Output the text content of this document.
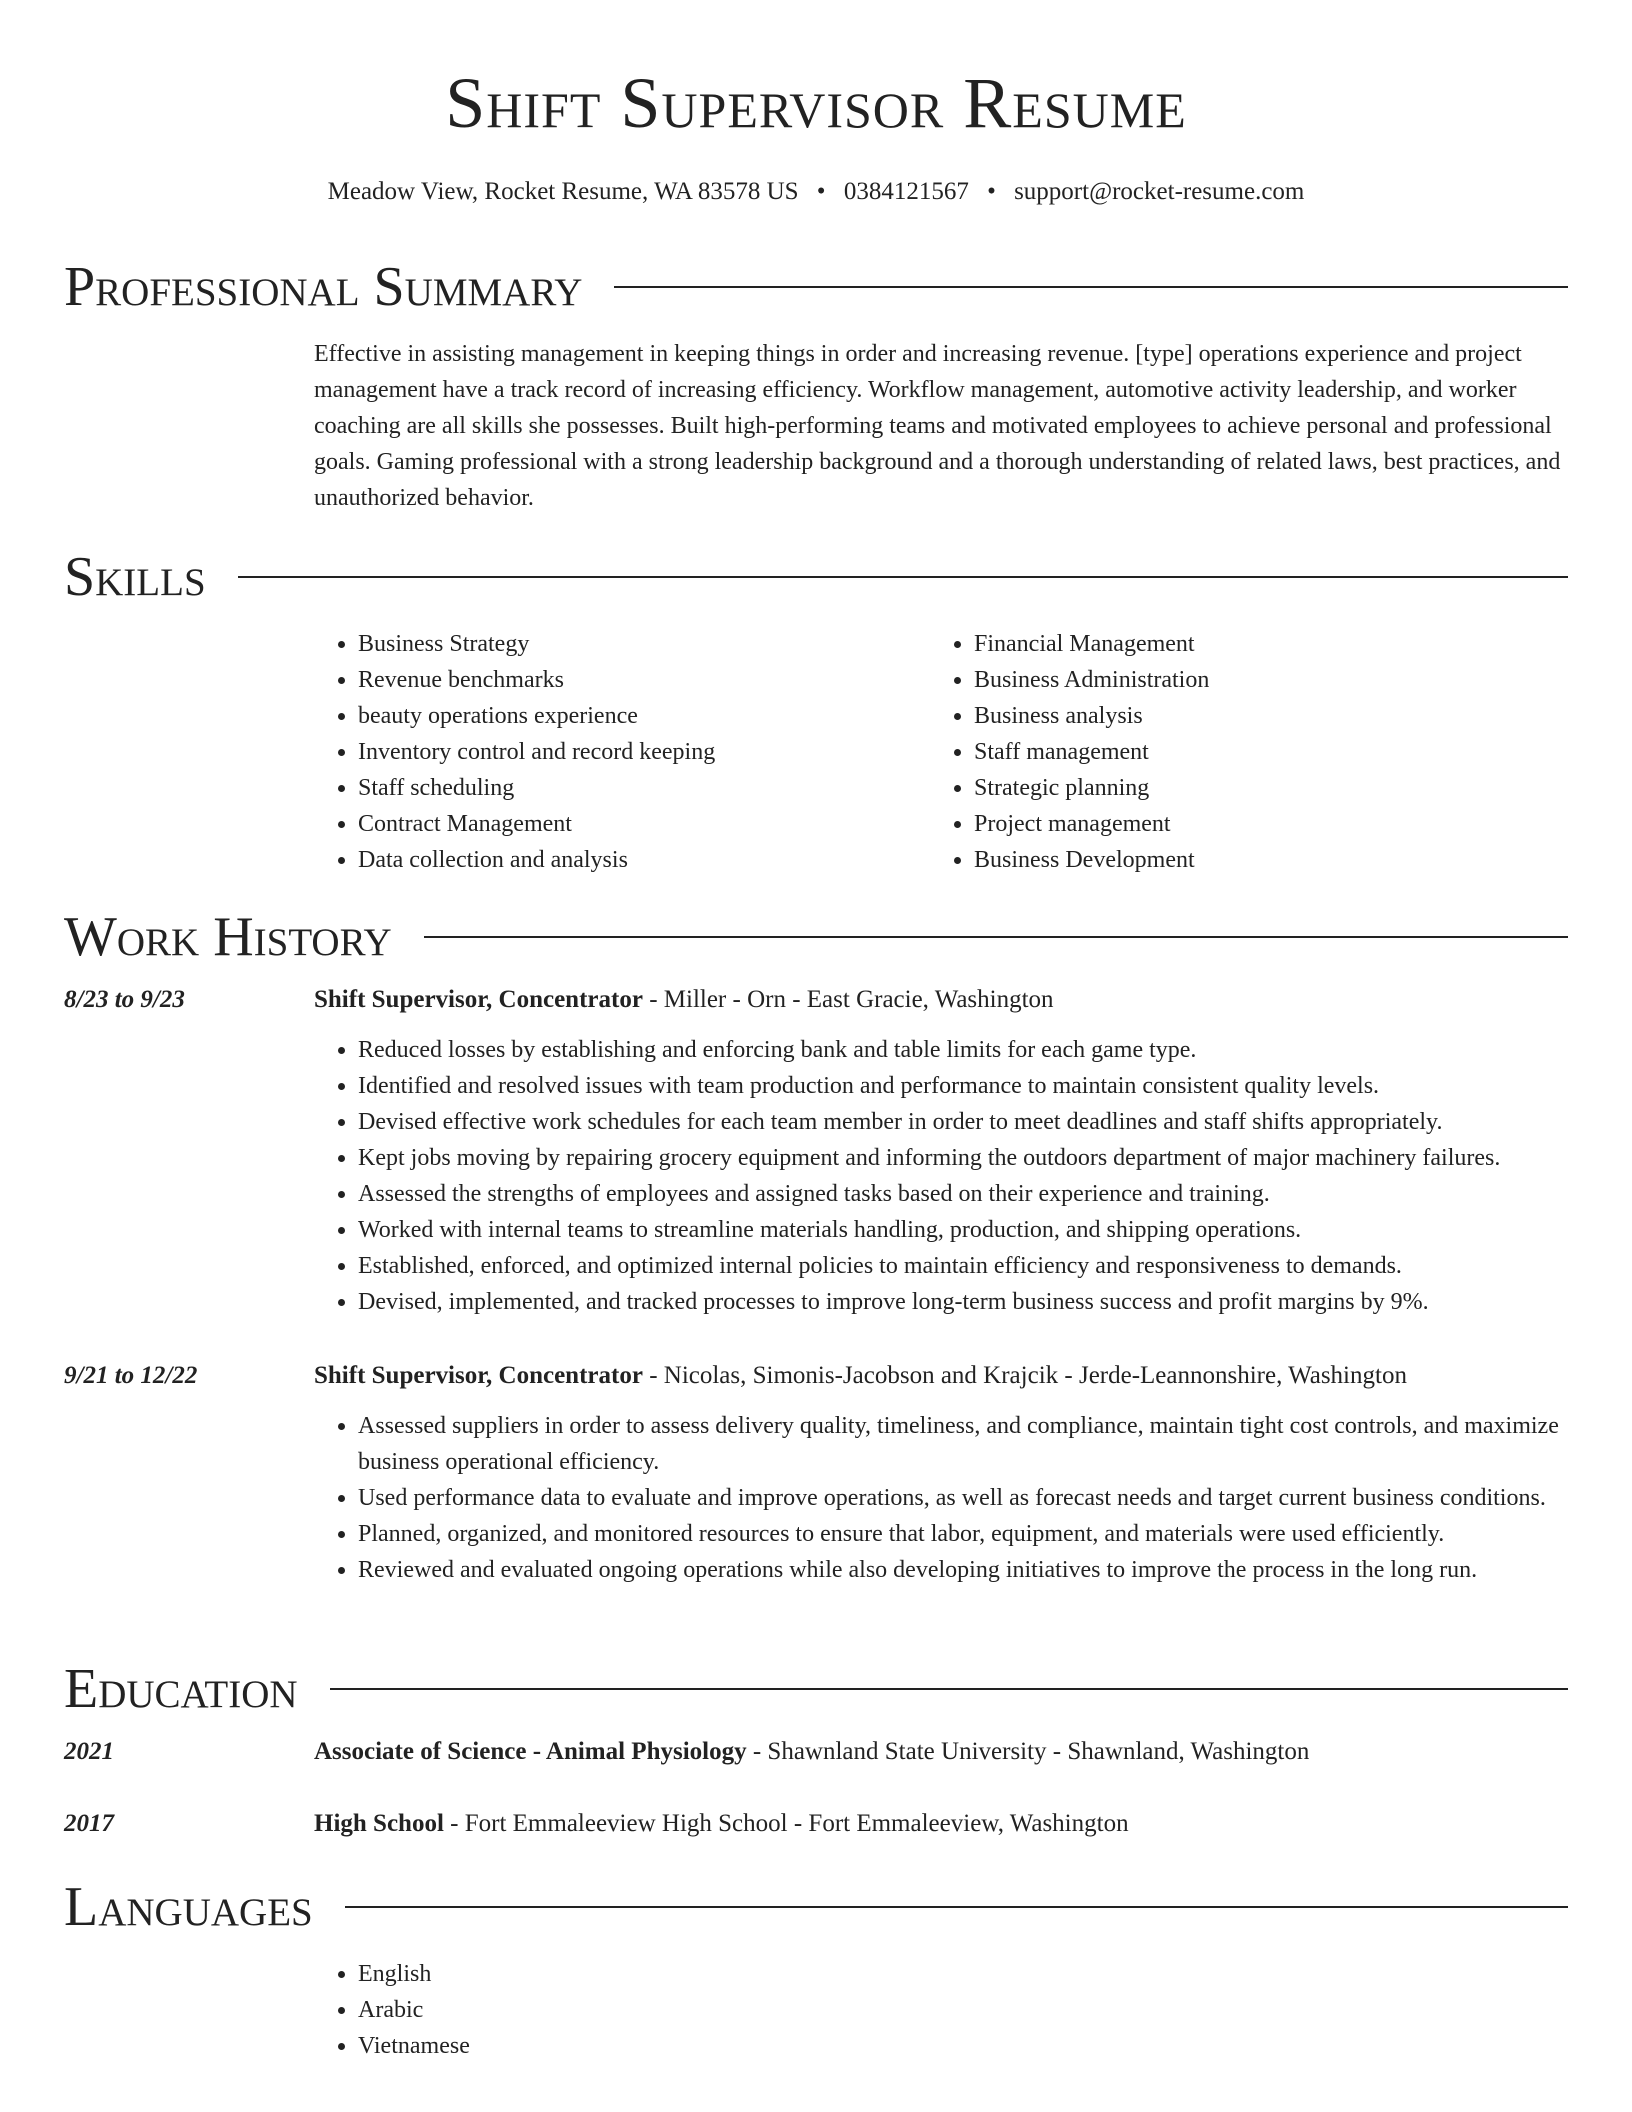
Shift Supervisor Resume
Meadow View, Rocket Resume, WA 83578 US • 0384121567 • support@rocket-resume.com
Professional Summary
Effective in assisting management in keeping things in order and increasing revenue. [type] operations experience and project management have a track record of increasing efficiency. Workflow management, automotive activity leadership, and worker coaching are all skills she possesses. Built high-performing teams and motivated employees to achieve personal and professional goals. Gaming professional with a strong leadership background and a thorough understanding of related laws, best practices, and unauthorized behavior.
Skills
• Business Strategy
• Revenue benchmarks
• beauty operations experience
• Inventory control and record keeping
• Staff scheduling
• Contract Management
• Data collection and analysis
• Financial Management
• Business Administration
• Business analysis
• Staff management
• Strategic planning
• Project management
• Business Development
Work History
8/23 to 9/23	Shift Supervisor, Concentrator - Miller - Orn - East Gracie, Washington
• Reduced losses by establishing and enforcing bank and table limits for each game type.
• Identified and resolved issues with team production and performance to maintain consistent quality levels.
• Devised effective work schedules for each team member in order to meet deadlines and staff shifts appropriately.
• Kept jobs moving by repairing grocery equipment and informing the outdoors department of major machinery failures.
• Assessed the strengths of employees and assigned tasks based on their experience and training.
• Worked with internal teams to streamline materials handling, production, and shipping operations.
• Established, enforced, and optimized internal policies to maintain efficiency and responsiveness to demands.
• Devised, implemented, and tracked processes to improve long-term business success and profit margins by 9%.
9/21 to 12/22	Shift Supervisor, Concentrator - Nicolas, Simonis-Jacobson and Krajcik - Jerde-Leannonshire, Washington
• Assessed suppliers in order to assess delivery quality, timeliness, and compliance, maintain tight cost controls, and maximize business operational efficiency.
• Used performance data to evaluate and improve operations, as well as forecast needs and target current business conditions.
• Planned, organized, and monitored resources to ensure that labor, equipment, and materials were used efficiently.
• Reviewed and evaluated ongoing operations while also developing initiatives to improve the process in the long run.
Education
2021	Associate of Science - Animal Physiology - Shawnland State University - Shawnland, Washington
2017	High School - Fort Emmaleeview High School - Fort Emmaleeview, Washington
Languages
• English
• Arabic
• Vietnamese
